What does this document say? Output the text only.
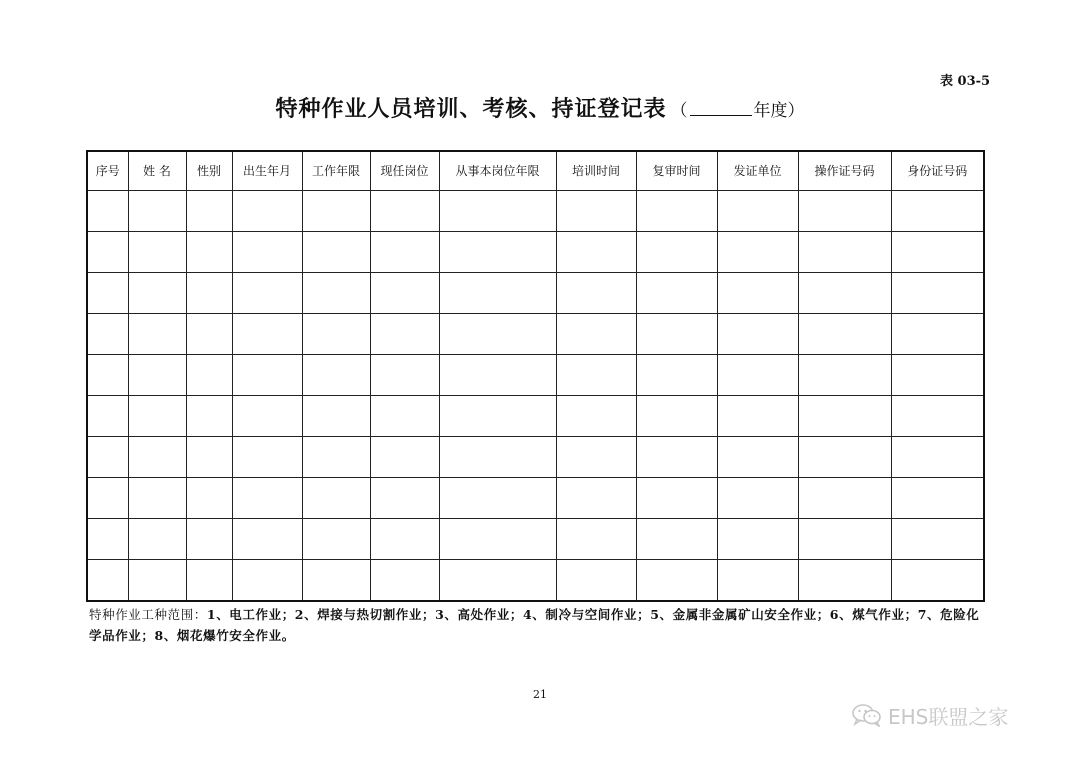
表 03-5
特种作业人员培训、考核、持证登记表 （	年度）
序号	姓 名	性别	出生年月	工作年限	现任岗位	从事本岗位年限	培训时间	复审时间	发证单位	操作证号码	身份证号码

特种作业工种范围：1、电工作业；2、焊接与热切割作业；3、高处作业；4、制冷与空间作业；5、金属非金属矿山安全作业；6、煤气作业；7、危险化学品作业；8、烟花爆竹安全作业。
21
EHS联盟之家
